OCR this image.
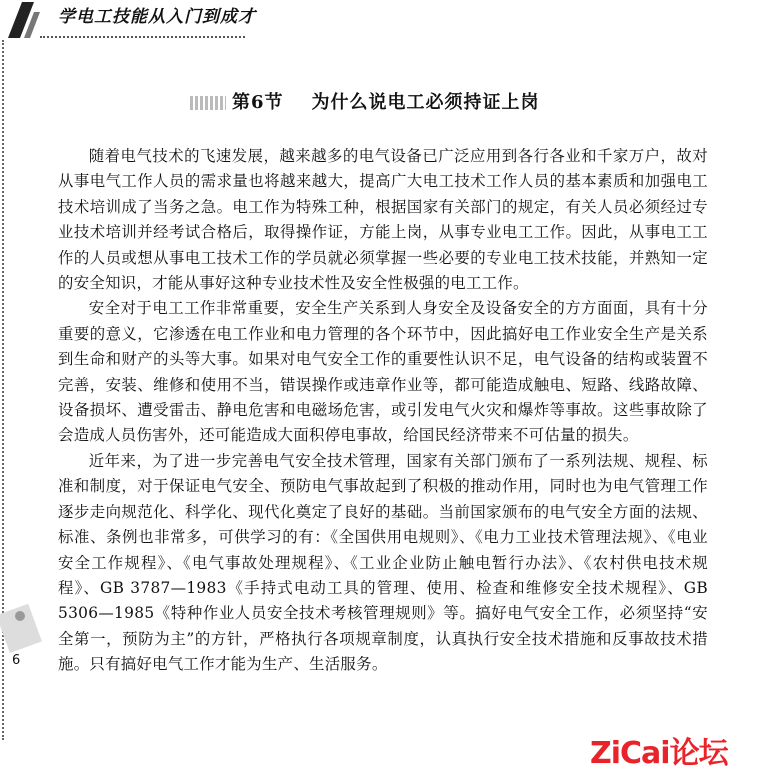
学电工技能从入门到成才
第6节 为什么说电工必须持证上岗

随着电气技术的飞速发展，越来越多的电气设备已广泛应用到各行各业和千家万户，故对从事电气工作人员的需求量也将越来越大，提高广大电工技术工作人员的基本素质和加强电工技术培训成了当务之急。电工作为特殊工种，根据国家有关部门的规定，有关人员必须经过专业技术培训并经考试合格后，取得操作证，方能上岗，从事专业电工工作。因此，从事电工工作的人员或想从事电工技术工作的学员就必须掌握一些必要的专业电工技术技能，并熟知一定的安全知识，才能从事好这种专业技术性及安全性极强的电工工作。

安全对于电工工作非常重要，安全生产关系到人身安全及设备安全的方方面面，具有十分重要的意义，它渗透在电工作业和电力管理的各个环节中，因此搞好电工作业安全生产是关系到生命和财产的头等大事。如果对电气安全工作的重要性认识不足，电气设备的结构或装置不完善，安装、维修和使用不当，错误操作或违章作业等，都可能造成触电、短路、线路故障、设备损坏、遭受雷击、静电危害和电磁场危害，或引发电气火灾和爆炸等事故。这些事故除了会造成人员伤害外，还可能造成大面积停电事故，给国民经济带来不可估量的损失。

近年来，为了进一步完善电气安全技术管理，国家有关部门颁布了一系列法规、规程、标准和制度，对于保证电气安全、预防电气事故起到了积极的推动作用，同时也为电气管理工作逐步走向规范化、科学化、现代化奠定了良好的基础。当前国家颁布的电气安全方面的法规、标准、条例也非常多，可供学习的有：《全国供用电规则》、《电力工业技术管理法规》、《电业安全工作规程》、《电气事故处理规程》、《工业企业防止触电暂行办法》、《农村供电技术规程》、GB 3787—1983《手持式电动工具的管理、使用、检查和维修安全技术规程》、GB 5306—1985《特种作业人员安全技术考核管理规则》等。搞好电气安全工作，必须坚持“安全第一，预防为主”的方针，严格执行各项规章制度，认真执行安全技术措施和反事故技术措施。只有搞好电气工作才能为生产、生活服务。

6
ZiCai论坛
